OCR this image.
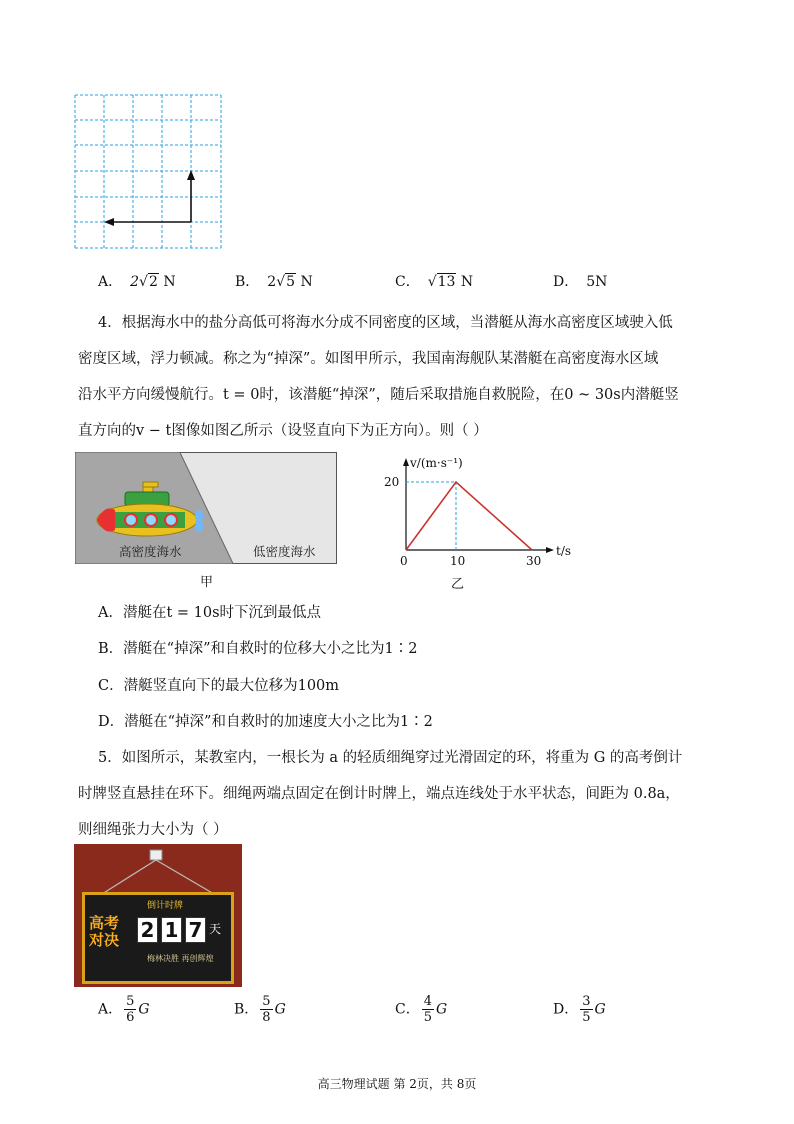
A． 2√2 N	B． 2√5 N	C． √13 N	D． 5N
4．根据海水中的盐分高低可将海水分成不同密度的区域，当潜艇从海水高密度区域驶入低
密度区域，浮力顿减。称之为“掉深”。如图甲所示，我国南海舰队某潜艇在高密度海水区域
沿水平方向缓慢航行。t = 0时，该潜艇“掉深”，随后采取措施自救脱险，在0 ~ 30s内潜艇竖
直方向的v − t图像如图乙所示（设竖直向下为正方向）。则（ ）
高密度海水	低密度海水
甲
v/(m·s⁻¹)
t/s
20
0	10	30
乙
A．潜艇在t = 10s时下沉到最低点
B．潜艇在“掉深”和自救时的位移大小之比为1∶2
C．潜艇竖直向下的最大位移为100m
D．潜艇在“掉深”和自救时的加速度大小之比为1∶2
5．如图所示，某教室内，一根长为 a 的轻质细绳穿过光滑固定的环，将重为 G 的高考倒计
时牌竖直悬挂在环下。细绳两端点固定在倒计时牌上，端点连线处于水平状态，间距为 0.8a，
则细绳张力大小为（ ）
倒计时牌
高考对决	2 1 7 天
梅林决胜 再创辉煌
A． $\frac{5}{6}$ G	B． $\frac{5}{8}$ G	C． $\frac{4}{5}$ G	D． $\frac{3}{5}$ G
高三物理试题 第 2页，共 8页
